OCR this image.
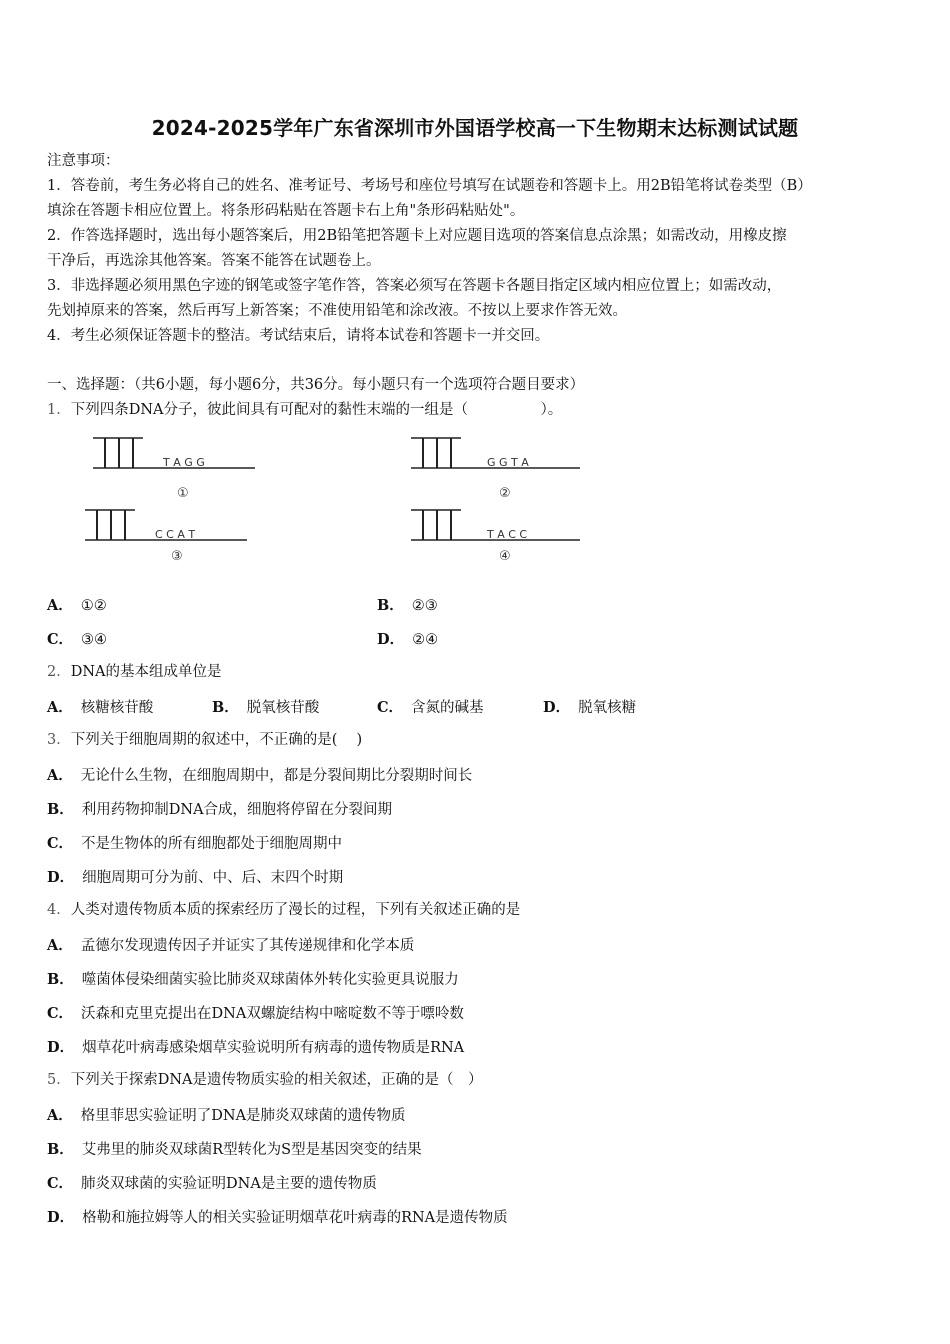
2024-2025学年广东省深圳市外国语学校高一下生物期末达标测试试题
注意事项：
1．答卷前，考生务必将自己的姓名、准考证号、考场号和座位号填写在试题卷和答题卡上。用2B铅笔将试卷类型（B）
填涂在答题卡相应位置上。将条形码粘贴在答题卡右上角"条形码粘贴处"。
2．作答选择题时，选出每小题答案后，用2B铅笔把答题卡上对应题目选项的答案信息点涂黑；如需改动，用橡皮擦
干净后，再选涂其他答案。答案不能答在试题卷上。
3．非选择题必须用黑色字迹的钢笔或签字笔作答，答案必须写在答题卡各题目指定区域内相应位置上；如需改动，
先划掉原来的答案，然后再写上新答案；不准使用铅笔和涂改液。不按以上要求作答无效。
4．考生必须保证答题卡的整洁。考试结束后，请将本试卷和答题卡一并交回。
一、选择题：（共6小题，每小题6分，共36分。每小题只有一个选项符合题目要求）
1．下列四条DNA分子，彼此间具有可配对的黏性末端的一组是（　　　　　）。
T A G G
①
G G T A
②
C C A T
③
T A C C
④
A． ①②	B． ②③
C． ③④	D． ②④
2．DNA的基本组成单位是
A． 核糖核苷酸	B． 脱氧核苷酸	C． 含氮的碱基	D． 脱氧核糖
3．下列关于细胞周期的叙述中，不正确的是(　 )
A． 无论什么生物，在细胞周期中，都是分裂间期比分裂期时间长
B． 利用药物抑制DNA合成，细胞将停留在分裂间期
C． 不是生物体的所有细胞都处于细胞周期中
D． 细胞周期可分为前、中、后、末四个时期
4．人类对遗传物质本质的探索经历了漫长的过程，下列有关叙述正确的是
A． 孟德尔发现遗传因子并证实了其传递规律和化学本质
B． 噬菌体侵染细菌实验比肺炎双球菌体外转化实验更具说服力
C． 沃森和克里克提出在DNA双螺旋结构中嘧啶数不等于嘌呤数
D． 烟草花叶病毒感染烟草实验说明所有病毒的遗传物质是RNA
5．下列关于探索DNA是遗传物质实验的相关叙述，正确的是（　）
A． 格里菲思实验证明了DNA是肺炎双球菌的遗传物质
B． 艾弗里的肺炎双球菌R型转化为S型是基因突变的结果
C． 肺炎双球菌的实验证明DNA是主要的遗传物质
D． 格勒和施拉姆等人的相关实验证明烟草花叶病毒的RNA是遗传物质
